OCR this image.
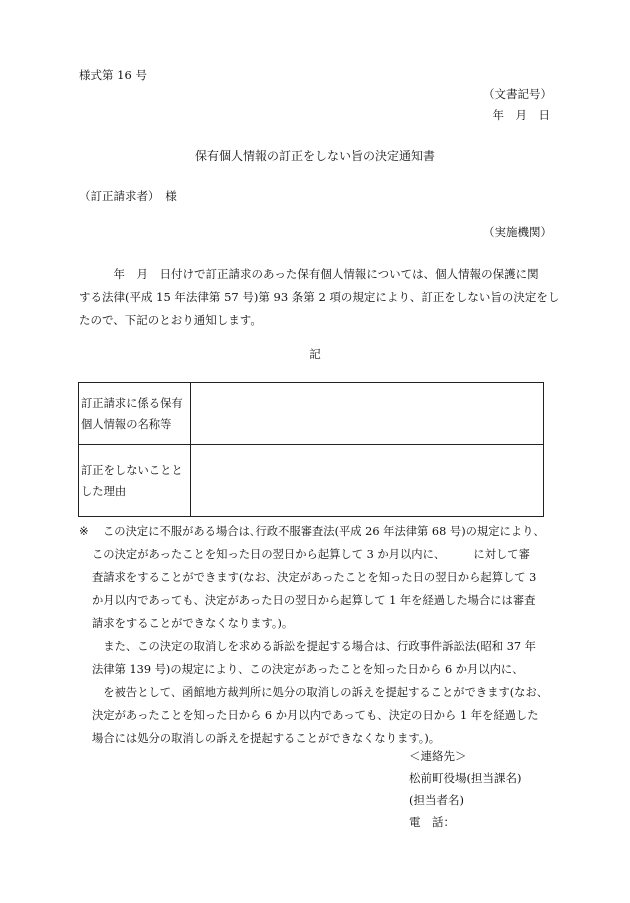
様式第 16 号
（文書記号）
年　月　日
保有個人情報の訂正をしない旨の決定通知書
（訂正請求者）　様
（実施機関）
　　　年　月　日付けで訂正請求のあった保有個人情報については、個人情報の保護に関
する法律(平成 15 年法律第 57 号)第 93 条第 2 項の規定により、訂正をしない旨の決定をし
たので、下記のとおり通知します。
記
訂正請求に係る保有
個人情報の名称等	

訂正をしないことと
した理由	

※	この決定に不服がある場合は､行政不服審査法(平成 26 年法律第 68 号)の規定により、
この決定があったことを知った日の翌日から起算して 3 か月以内に、　　　に対して審
査請求をすることができます(なお、決定があったことを知った日の翌日から起算して 3
か月以内であっても、決定があった日の翌日から起算して 1 年を経過した場合には審査
請求をすることができなくなります。)。
　また、この決定の取消しを求める訴訟を提起する場合は、行政事件訴訟法(昭和 37 年
法律第 139 号)の規定により、この決定があったことを知った日から 6 か月以内に、
　を被告として、函館地方裁判所に処分の取消しの訴えを提起することができます(なお、
決定があったことを知った日から 6 か月以内であっても、決定の日から 1 年を経過した
場合には処分の取消しの訴えを提起することができなくなります。)。
＜連絡先＞
松前町役場(担当課名)
(担当者名)
電　話：
